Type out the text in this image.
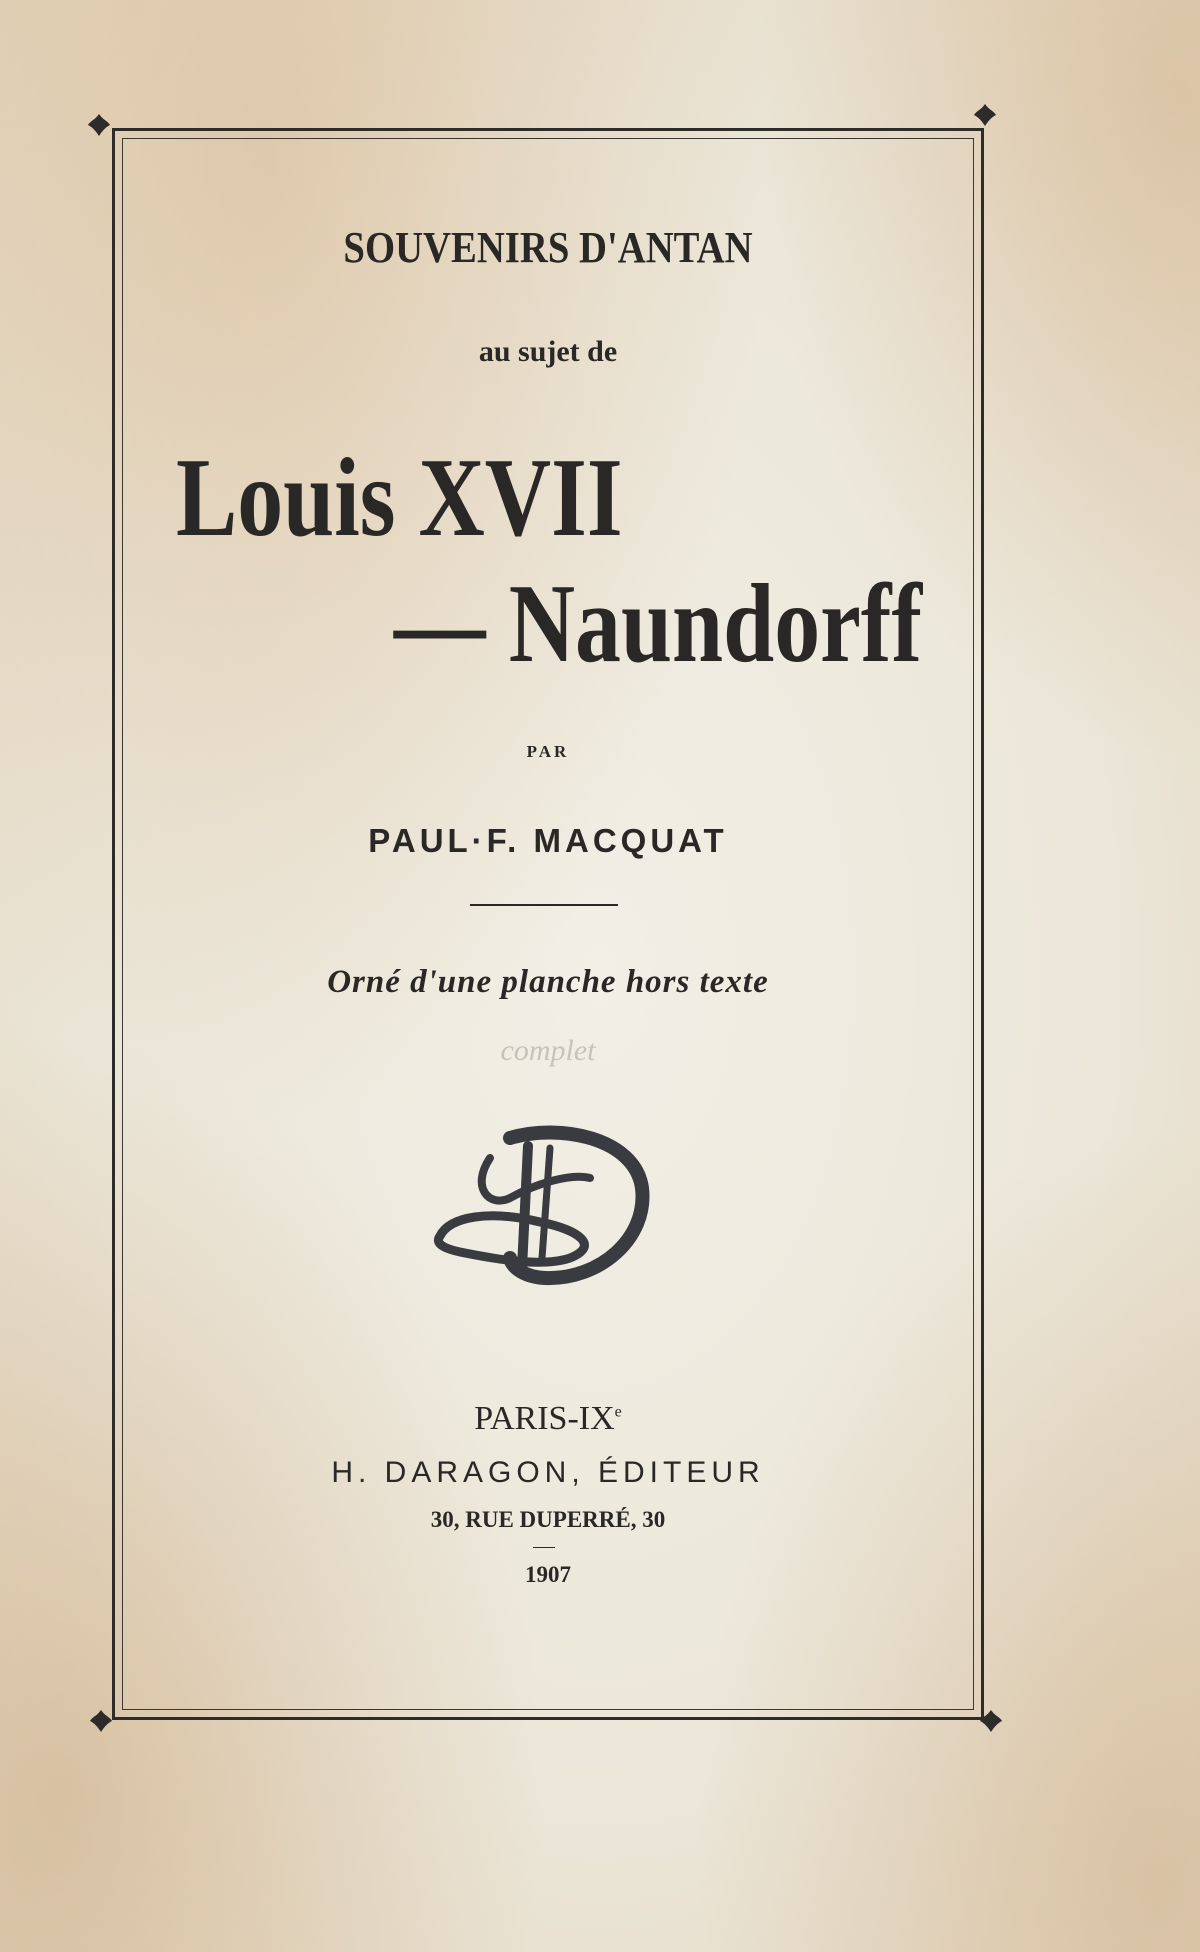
SOUVENIRS D'ANTAN
au sujet de
Louis XVII
— Naundorff
PAR
PAUL·F. MACQUAT
Orné d'une planche hors texte
complet
PARIS-IXe
H. DARAGON, ÉDITEUR
30, RUE DUPERRÉ, 30
1907
